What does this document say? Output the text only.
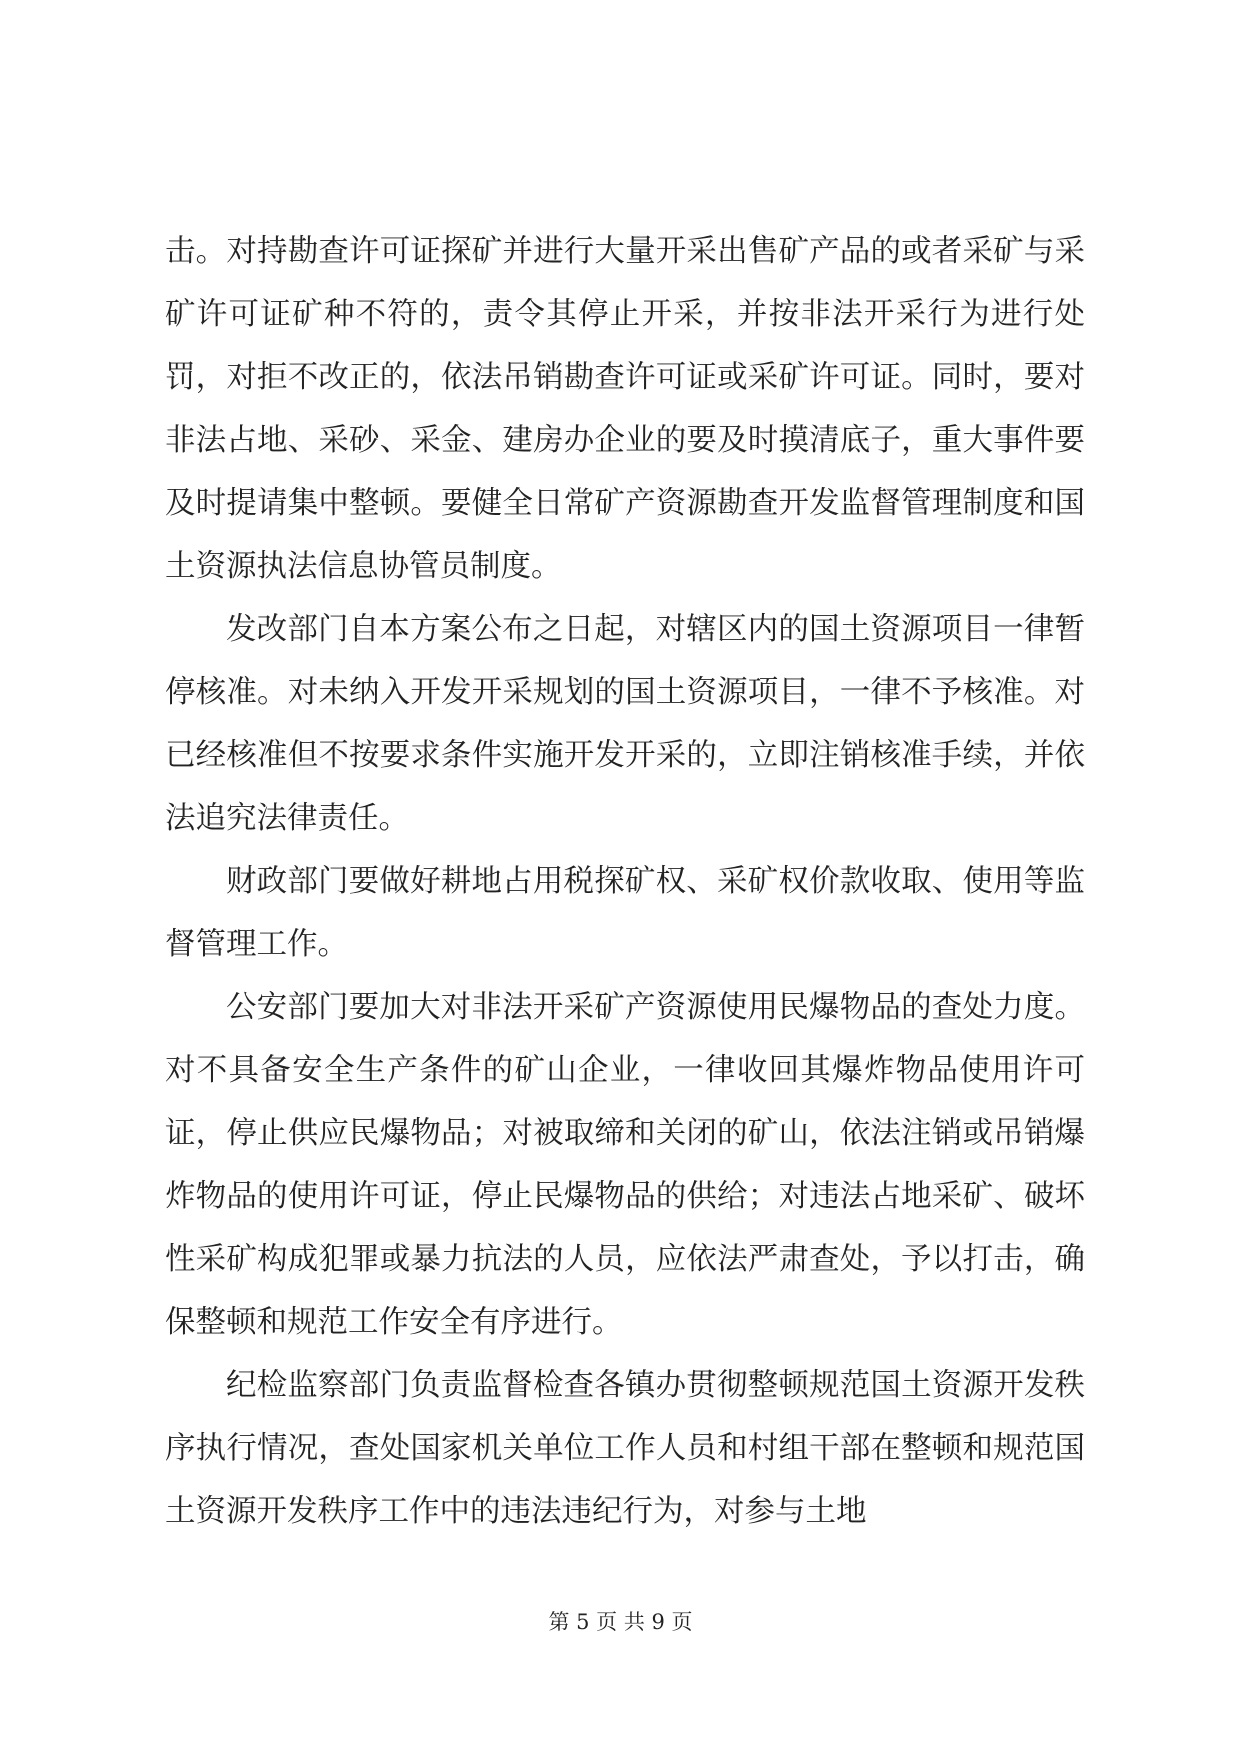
击。对持勘查许可证探矿并进行大量开采出售矿产品的或者采矿与采矿许可证矿种不符的，责令其停止开采，并按非法开采行为进行处罚，对拒不改正的，依法吊销勘查许可证或采矿许可证。同时，要对非法占地、采砂、采金、建房办企业的要及时摸清底子，重大事件要及时提请集中整顿。要健全日常矿产资源勘查开发监督管理制度和国土资源执法信息协管员制度。

发改部门自本方案公布之日起，对辖区内的国土资源项目一律暂停核准。对未纳入开发开采规划的国土资源项目，一律不予核准。对已经核准但不按要求条件实施开发开采的，立即注销核准手续，并依法追究法律责任。

财政部门要做好耕地占用税探矿权、采矿权价款收取、使用等监督管理工作。

公安部门要加大对非法开采矿产资源使用民爆物品的查处力度。对不具备安全生产条件的矿山企业，一律收回其爆炸物品使用许可证，停止供应民爆物品；对被取缔和关闭的矿山，依法注销或吊销爆炸物品的使用许可证，停止民爆物品的供给；对违法占地采矿、破坏性采矿构成犯罪或暴力抗法的人员，应依法严肃查处，予以打击，确保整顿和规范工作安全有序进行。

纪检监察部门负责监督检查各镇办贯彻整顿规范国土资源开发秩序执行情况，查处国家机关单位工作人员和村组干部在整顿和规范国土资源开发秩序工作中的违法违纪行为，对参与土地

第 5 页 共 9 页
